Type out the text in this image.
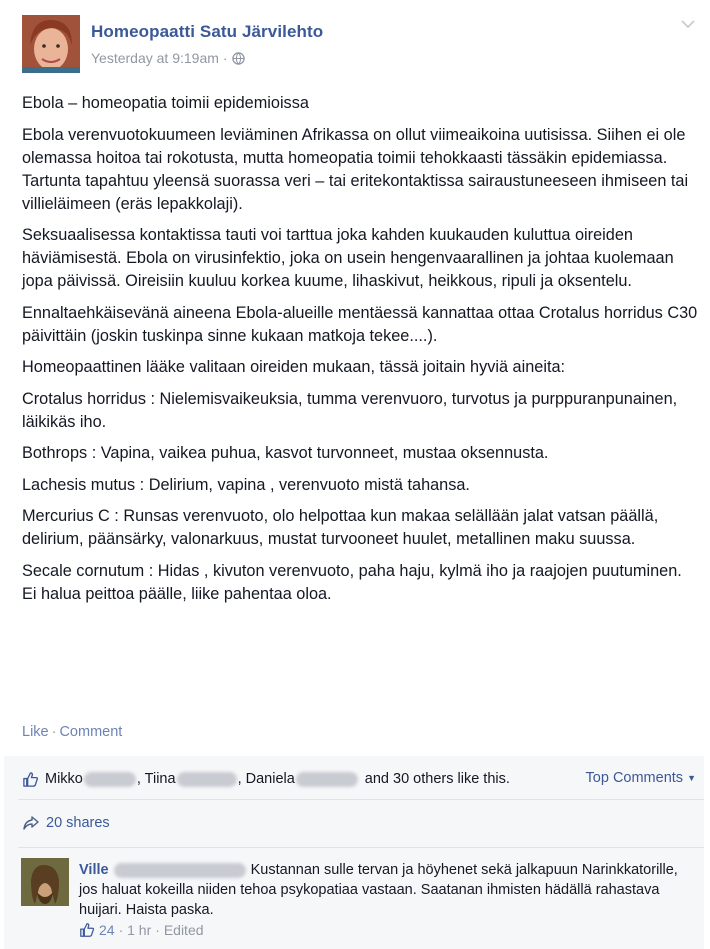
Homeopaatti Satu Järvilehto
Yesterday at 9:19am ·

Ebola – homeopatia toimii epidemioissa

Ebola verenvuotokuumeen leviäminen Afrikassa on ollut viimeaikoina uutisissa. Siihen ei ole olemassa hoitoa tai rokotusta, mutta homeopatia toimii tehokkaasti tässäkin epidemiassa. Tartunta tapahtuu yleensä suorassa veri – tai eritekontaktissa sairaustuneeseen ihmiseen tai villieläimeen (eräs lepakkolaji).

Seksuaalisessa kontaktissa tauti voi tarttua joka kahden kuukauden kuluttua oireiden häviämisestä. Ebola on virusinfektio, joka on usein hengenvaarallinen ja johtaa kuolemaan jopa päivissä. Oireisiin kuuluu korkea kuume, lihaskivut, heikkous, ripuli ja oksentelu.

Ennaltaehkäisevänä aineena Ebola-alueille mentäessä kannattaa ottaa Crotalus horridus C30 päivittäin (joskin tuskinpa sinne kukaan matkoja tekee....).

Homeopaattinen lääke valitaan oireiden mukaan, tässä joitain hyviä aineita:

Crotalus horridus : Nielemisvaikeuksia, tumma verenvuoro, turvotus ja purppuranpunainen, läikikäs iho.

Bothrops : Vapina, vaikea puhua, kasvot turvonneet, mustaa oksennusta.

Lachesis mutus : Delirium, vapina , verenvuoto mistä tahansa.

Mercurius C : Runsas verenvuoto, olo helpottaa kun makaa selällään jalat vatsan päällä, delirium, päänsärky, valonarkuus, mustat turvooneet huulet, metallinen maku suussa.

Secale cornutum : Hidas , kivuton verenvuoto, paha haju, kylmä iho ja raajojen puutuminen. Ei halua peittoa päälle, liike pahentaa oloa.

Like · Comment
Mikko	, Tiina	, Daniela	and 30 others like this.	Top Comments ▼
20 shares
Ville	Kustannan sulle tervan ja höyhenet sekä jalkapuun Narinkkatorille, jos haluat kokeilla niiden tehoa psykopatiaa vastaan. Saatanan ihmisten hädällä rahastava huijari. Haista paska.
24 · 1 hr · Edited
